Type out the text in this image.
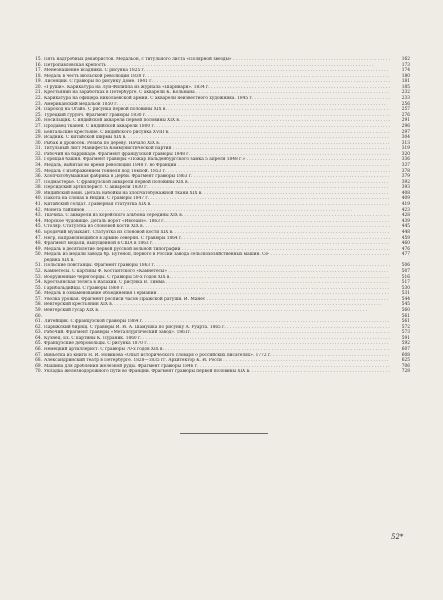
15. Пять надгробных декабристов. Медальон, с титульного листа «Полярной звезды» . . .	162
16. Петропавловская крепость . . .	173
17. Менеонашение всадники. С рисунка 1825 г. . . .	174
18. Медаль в честь июльской революции 1830 г. . . .	180
19. Лисенции. С гравюры по рисунку Доме. 1841 г. . . .	181
20. «Груши». Карикатура на Луи-Филиппа из журнала «Шаривари». 1834 г. . . .	185
21. Крестьянин на заработках в Петербурге. С акварели К. Кольмана . . .	232
22. Карикатура на офицера николаевской армии. С акварели неизвестного художника. 1845 г. . . .	233
23. Американский медальон 1850 г. . . .	256
24. Пароход на Огайо. С рисунка первой половины XIX в. . . .	257
25. Турецкий гурунч. Фрагмент гравюры 1830 г. . . .	276
26. Носильщик. С индийской акварели первой половины XIX в. . . .	291
27. Продавец тканей. С индийской акварели 1800 г. . . .	296
28. Бенгальские крестьяне. С индийского рисунка XVIII в. . . .	297
29. Всадник. С китайской ширмы XIX в. . . .	304
30. Рыбак и дровосек. Резьба по дереву. Начало XIX в. . . .	313
31. Титульный лист Манифеста Коммунистической партии . . .	319
32. Рабочий на баррикаде. Фрагмент французской гравюры 1848 г. . . .	320
33. Горящая башня. Фрагмент гравюры «Пожар Вальденбургского замка 5 апреля 1848 г.» . . .	336
34. Медаль, выбитая во время революции 1848 г. во Франции . . .	337
35. Медаль с изображением тоннеля под Темзой. 1853 г. . . .	378
36. Хлопчатобумажная фабрика в Дерби. Фрагмент гравюры 1863 г. . . .	379
37. Подмастерье. С французской акварели первой половины XIX в. . . .	392
38. Персидский артиллерист. С акварели 1830 г. . . .	393
39. Индийский воин. Деталь набойки на хлопчатобумажной ткани XIX в. . . .	408
40. Пакота на слонах в Индии. С гравюры 1847 г. . . .	409
41. Китайский солдат. Гравюрная статуэтка XIX в. . . .	419
42. Монета тайпинов . . .	423
43. Ткачиха. С акварели из корейского альбома середины XIX в. . . .	428
44. Морское чудовище. Деталь ворот «Ивсеаиэ». 1863 г. . . .	439
45. Столяр. Статуэтка из слоновой кости XIX в. . . .	445
46. Бродячий музыкант. Статуэтка из слоновой кости XIX в. . . .	448
47. Негр, направляющийся в армию северян. С гравюры 1864 г. . . .	459
48. Фрагмент медали, выпущенной в США в 1863 г. . . .	460
49. Медаль в десятилетие первой русской вольной типографии . . .	476
50. Медаль из медали завода бр. Бутеноп, первого в России завода сельскохозяйственных машин. Се- . . .	477
редина XIX в.
51. Польские повстанцы. Фрагмент гравюры 1863 г. . . .	506
52. Камнетесы. С картины Ф. Костантского «Камнетесы» . . .	507
53. Вооруженные чернгоорцы. С гравюры 50-х годов XIX в. . . .	516
54. Крестьянская телега в Валахии. С рисунка В. Тимма . . .	517
55. Гарибальдийцы. С гравюры 1860 г. . . .	530
56. Медаль в ознаменование объединения Германии . . .	531
57. Уволка урожая. Фрагмент росписи часов Пражской ратуши. И. Манес . . .	544
58. Венгерский крестьянин XIX в. . . .	545
59. Венгерский гусар XIX в. . . .	560
60.	561
61. Литейщик. С французской гравюры 1864 г. . . .	561
62. Парижский бирнщ. С гравюры И. И. А. Шамушка по рисунку А. Руарта. 1865 г. . . .	572
63. Рабочий. Фрагмент гравюры «Металлургический завод». 1861г. . . .	573
64. Кузнец. Ех. С картины К. Пураник. 1860 г. . . .	591
65. Французские добровольцы. С рисунка 1870 г. . . .	592
66. Немецкий артиллерист. С гравюры 70-х годов XIX в. . . .	607
67. Виньетка из книги Н. И. Новикова «Опыт исторического словаря о российских писателях». 1772 г. . . .	608
68. Александринский театр в Петербурге. 1828—1835 гг. Архитектор К. И. Росси . . .	625
69. Машина для дробления железной руды. Фрагмент гравюры 1846 г. . . .	706
70. Укладка железнодорожного пути во Франции. Фрагмент гравюры первой половины XIX в. . . .	728
52*
